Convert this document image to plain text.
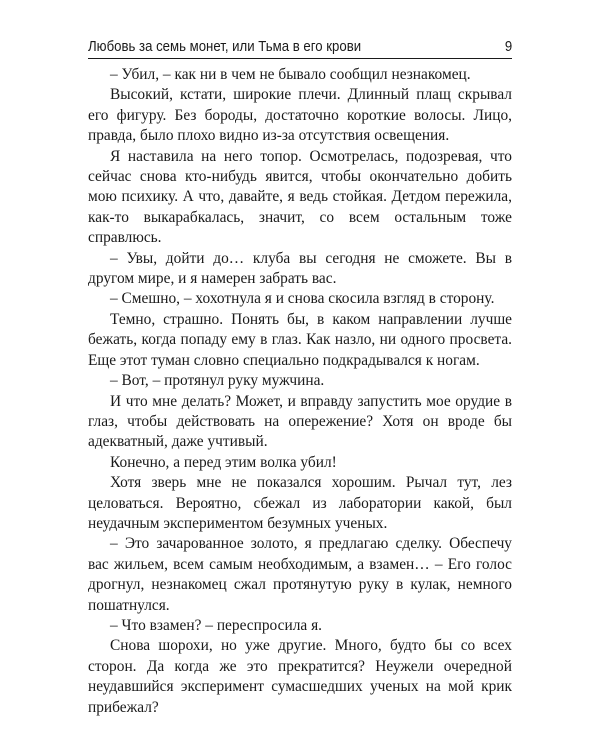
Любовь за семь монет, или Тьма в его крови	9

– Убил, – как ни в чем не бывало сообщил незнакомец.

Высокий, кстати, широкие плечи. Длинный плащ скрывал его фигуру. Без бороды, достаточно короткие волосы. Лицо, правда, было плохо видно из-за отсутствия освещения.

Я наставила на него топор. Осмотрелась, подозревая, что сейчас снова кто-нибудь явится, чтобы окончательно добить мою психику. А что, давайте, я ведь стойкая. Детдом пережила, как-то выкарабкалась, значит, со всем остальным тоже справлюсь.

– Увы, дойти до… клуба вы сегодня не сможете. Вы в другом мире, и я намерен забрать вас.

– Смешно, – хохотнула я и снова скосила взгляд в сторону.

Темно, страшно. Понять бы, в каком направлении лучше бежать, когда попаду ему в глаз. Как назло, ни одного просвета. Еще этот туман словно специально подкрадывался к ногам.

– Вот, – протянул руку мужчина.

И что мне делать? Может, и вправду запустить мое орудие в глаз, чтобы действовать на опережение? Хотя он вроде бы адекватный, даже учтивый.

Конечно, а перед этим волка убил!

Хотя зверь мне не показался хорошим. Рычал тут, лез целоваться. Вероятно, сбежал из лаборатории какой, был неудачным экспериментом безумных ученых.

– Это зачарованное золото, я предлагаю сделку. Обеспечу вас жильем, всем самым необходимым, а взамен… – Его голос дрогнул, незнакомец сжал протянутую руку в кулак, немного пошатнулся.

– Что взамен? – переспросила я.

Снова шорохи, но уже другие. Много, будто бы со всех сторон. Да когда же это прекратится? Неужели очередной неудавшийся эксперимент сумасшедших ученых на мой крик прибежал?
